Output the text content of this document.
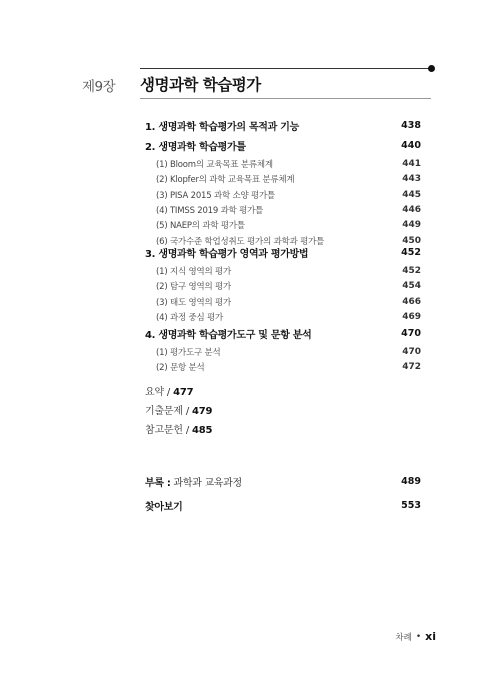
제9장 생명과학 학습평가
1. 생명과학 학습평가의 목적과 기능	438
2. 생명과학 학습평가틀	440
(1) Bloom의 교육목표 분류체계	441
(2) Klopfer의 과학 교육목표 분류체계	443
(3) PISA 2015 과학 소양 평가틀	445
(4) TIMSS 2019 과학 평가틀	446
(5) NAEP의 과학 평가틀	449
(6) 국가수준 학업성취도 평가의 과학과 평가틀	450
3. 생명과학 학습평가 영역과 평가방법	452
(1) 지식 영역의 평가	452
(2) 탐구 영역의 평가	454
(3) 태도 영역의 평가	466
(4) 과정 중심 평가	469
4. 생명과학 학습평가도구 및 문항 분석	470
(1) 평가도구 분석	470
(2) 문항 분석	472
요약 / 477
기출문제 / 479
참고문헌 / 485
부록 : 과학과 교육과정	489
찾아보기	553
차례 • xi
